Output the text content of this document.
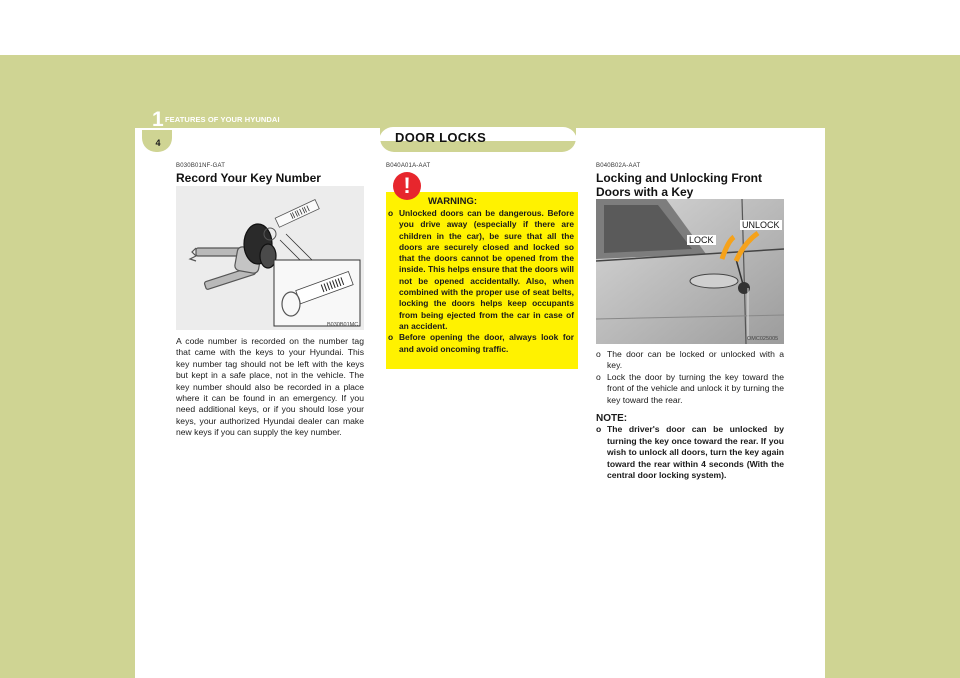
1 FEATURES OF YOUR HYUNDAI
4	DOOR LOCKS
B030B01NF-GAT
Record Your Key Number
B030B01MC
A code number is recorded on the number tag that came with the keys to your Hyundai. This key number tag should not be left with the keys but kept in a safe place, not in the vehicle. The key number should also be recorded in a place where it can be found in an emergency. If you need additional keys, or if you should lose your keys, your authorized Hyundai dealer can make new keys if you can supply the key number.
B040A01A-AAT
!
WARNING:
o Unlocked doors can be dangerous. Before you drive away (especially if there are children in the car), be sure that all the doors are securely closed and locked so that the doors cannot be opened from the inside. This helps ensure that the doors will not be opened accidentally. Also, when combined with the proper use of seat belts, locking the doors helps keep occupants from being ejected from the car in case of an accident.
o Before opening the door, always look for and avoid oncoming traffic.
B040B02A-AAT
Locking and Unlocking Front Doors with a Key
LOCK
UNLOCK
OMC025005
o The door can be locked or unlocked with a key.
o Lock the door by turning the key toward the front of the vehicle and unlock it by turning the key toward the rear.
NOTE:
o The driver's door can be unlocked by turning the key once toward the rear. If you wish to unlock all doors, turn the key again toward the rear within 4 seconds (With the central door locking system).
carmanualsonline.info
